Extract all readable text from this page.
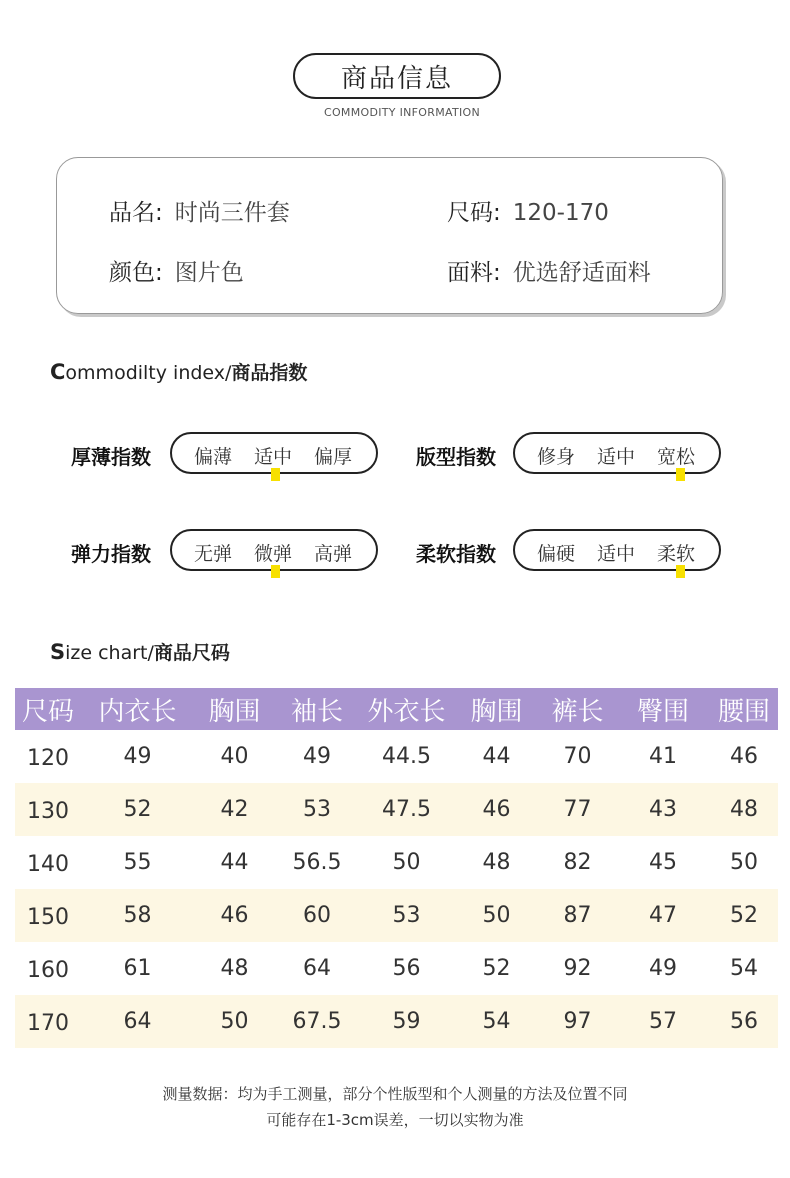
商品信息
COMMODITY INFORMATION
品名: 时尚三件套	尺码: 120-170
颜色: 图片色	面料: 优选舒适面料
Commodilty index/商品指数
厚薄指数 偏薄 适中 偏厚	版型指数 修身 适中 宽松
弹力指数 无弹 微弹 高弹	柔软指数 偏硬 适中 柔软
Size chart/商品尺码
尺码	内衣长	胸围	袖长	外衣长	胸围	裤长	臀围	腰围
120	49	40	49	44.5	44	70	41	46
130	52	42	53	47.5	46	77	43	48
140	55	44	56.5	50	48	82	45	50
150	58	46	60	53	50	87	47	52
160	61	48	64	56	52	92	49	54
170	64	50	67.5	59	54	97	57	56
测量数据：均为手工测量，部分个性版型和个人测量的方法及位置不同
可能存在1-3cm误差，一切以实物为准
